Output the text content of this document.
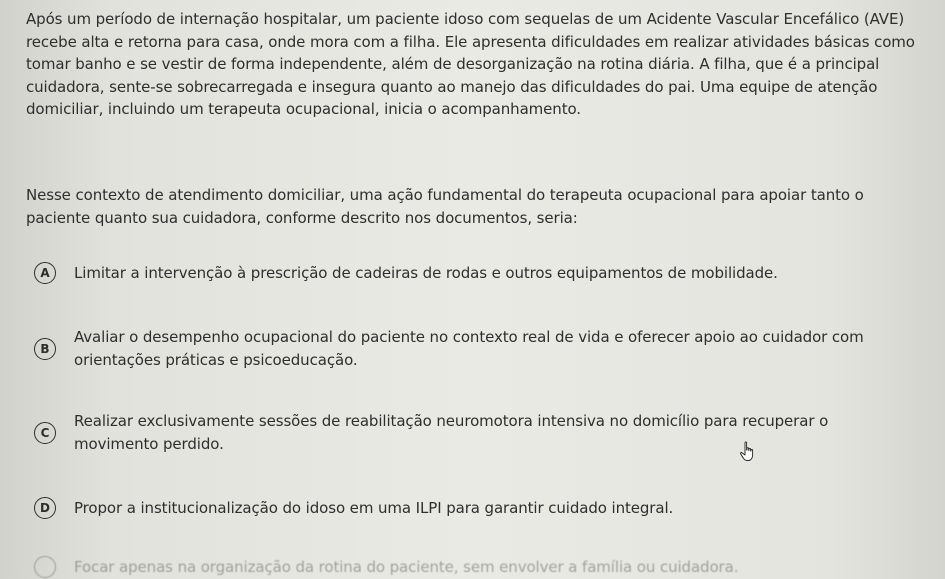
Após um período de internação hospitalar, um paciente idoso com sequelas de um Acidente Vascular Encefálico (AVE) recebe alta e retorna para casa, onde mora com a filha. Ele apresenta dificuldades em realizar atividades básicas como tomar banho e se vestir de forma independente, além de desorganização na rotina diária. A filha, que é a principal cuidadora, sente-se sobrecarregada e insegura quanto ao manejo das dificuldades do pai. Uma equipe de atenção domiciliar, incluindo um terapeuta ocupacional, inicia o acompanhamento.

Nesse contexto de atendimento domiciliar, uma ação fundamental do terapeuta ocupacional para apoiar tanto o paciente quanto sua cuidadora, conforme descrito nos documentos, seria:

A	Limitar a intervenção à prescrição de cadeiras de rodas e outros equipamentos de mobilidade.
B
Avaliar o desempenho ocupacional do paciente no contexto real de vida e oferecer apoio ao cuidador com orientações práticas e psicoeducação.
C
Realizar exclusivamente sessões de reabilitação neuromotora intensiva no domicílio para recuperar o movimento perdido.
D	Propor a institucionalização do idoso em uma ILPI para garantir cuidado integral.
Focar apenas na organização da rotina do paciente, sem envolver a família ou cuidadora.
